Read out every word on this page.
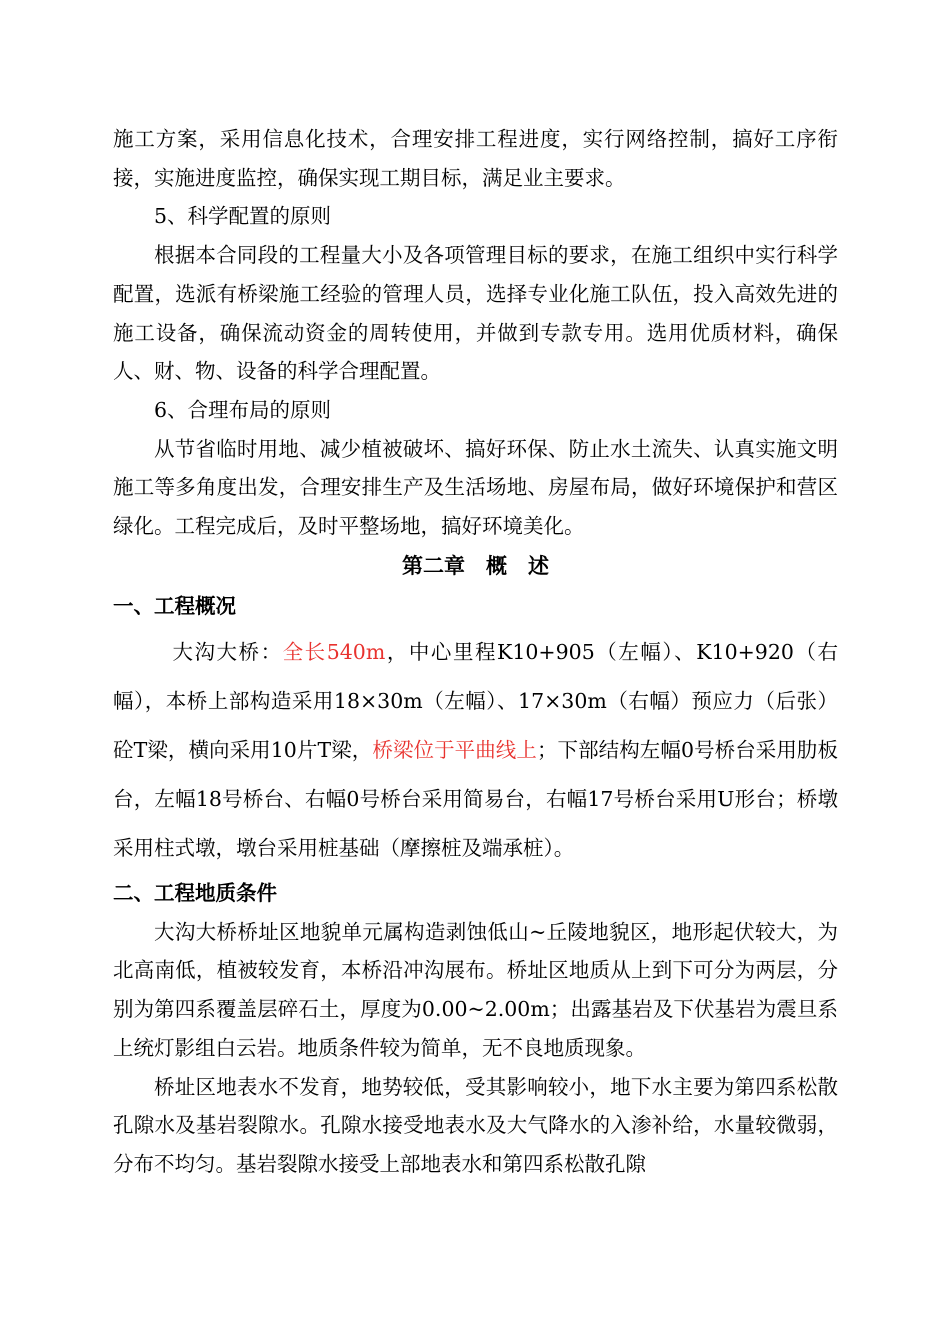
施工方案，采用信息化技术，合理安排工程进度，实行网络控制，搞好工序衔接，实施进度监控，确保实现工期目标，满足业主要求。

5、科学配置的原则

根据本合同段的工程量大小及各项管理目标的要求，在施工组织中实行科学配置，选派有桥梁施工经验的管理人员，选择专业化施工队伍，投入高效先进的施工设备，确保流动资金的周转使用，并做到专款专用。选用优质材料，确保人、财、物、设备的科学合理配置。

6、合理布局的原则

从节省临时用地、减少植被破坏、搞好环保、防止水土流失、认真实施文明施工等多角度出发，合理安排生产及生活场地、房屋布局，做好环境保护和营区绿化。工程完成后，及时平整场地，搞好环境美化。

第二章　概　述

一、工程概况

大沟大桥：全长540m，中心里程K10+905（左幅）、K10+920（右幅），本桥上部构造采用18×30m（左幅）、17×30m（右幅）预应力（后张）砼T梁，横向采用10片T梁，桥梁位于平曲线上；下部结构左幅0号桥台采用肋板台，左幅18号桥台、右幅0号桥台采用简易台，右幅17号桥台采用U形台；桥墩采用柱式墩，墩台采用桩基础（摩擦桩及端承桩）。

二、工程地质条件

大沟大桥桥址区地貌单元属构造剥蚀低山~丘陵地貌区，地形起伏较大，为北高南低，植被较发育，本桥沿冲沟展布。桥址区地质从上到下可分为两层，分别为第四系覆盖层碎石土，厚度为0.00~2.00m；出露基岩及下伏基岩为震旦系上统灯影组白云岩。地质条件较为简单，无不良地质现象。

桥址区地表水不发育，地势较低，受其影响较小，地下水主要为第四系松散孔隙水及基岩裂隙水。孔隙水接受地表水及大气降水的入渗补给，水量较微弱，分布不均匀。基岩裂隙水接受上部地表水和第四系松散孔隙
